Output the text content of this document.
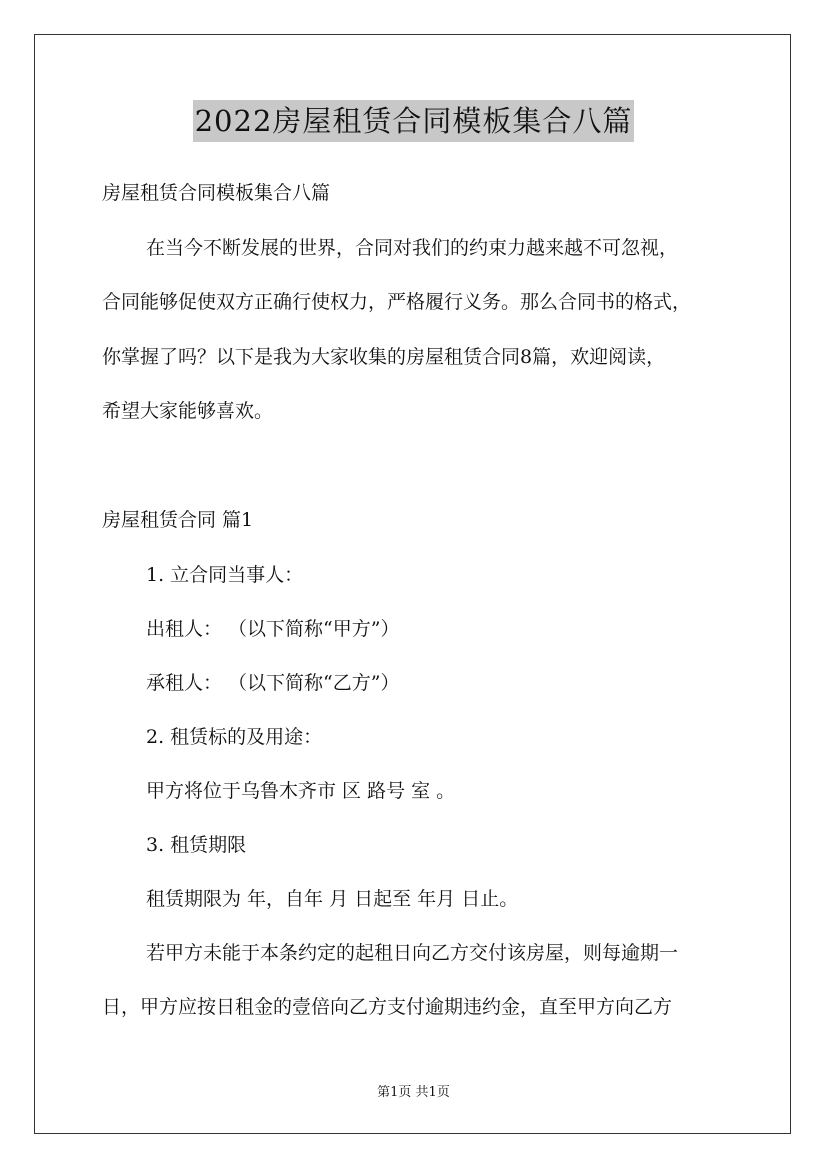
2022房屋租赁合同模板集合八篇
房屋租赁合同模板集合八篇
在当今不断发展的世界，合同对我们的约束力越来越不可忽视，
合同能够促使双方正确行使权力，严格履行义务。那么合同书的格式，
你掌握了吗？以下是我为大家收集的房屋租赁合同8篇，欢迎阅读，
希望大家能够喜欢。
房屋租赁合同 篇1
1. 立合同当事人：
出租人： （以下简称“甲方”）
承租人： （以下简称“乙方”）
2. 租赁标的及用途：
甲方将位于乌鲁木齐市 区 路号 室 。
3. 租赁期限
租赁期限为 年，自年 月 日起至 年月 日止。
若甲方未能于本条约定的起租日向乙方交付该房屋，则每逾期一
日，甲方应按日租金的壹倍向乙方支付逾期违约金，直至甲方向乙方
第1页 共1页
